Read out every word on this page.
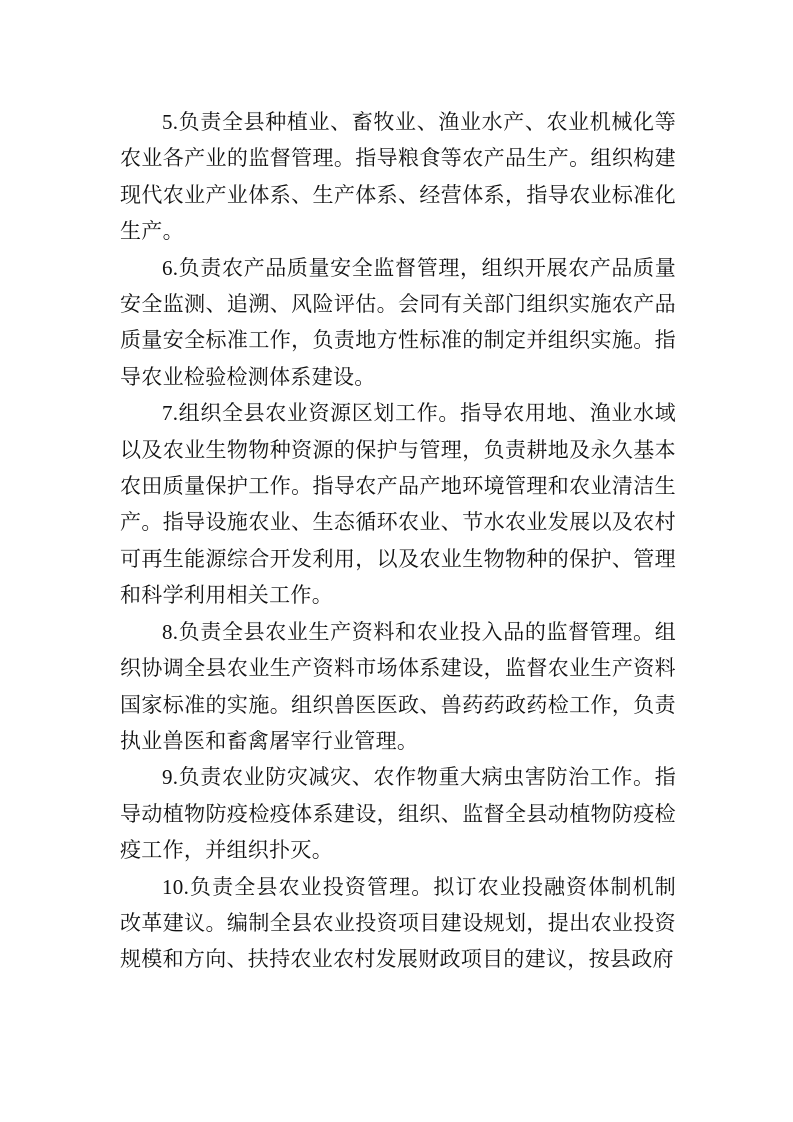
5.负责全县种植业、畜牧业、渔业水产、农业机械化等农业各产业的监督管理。指导粮食等农产品生产。组织构建现代农业产业体系、生产体系、经营体系，指导农业标准化生产。

6.负责农产品质量安全监督管理，组织开展农产品质量安全监测、追溯、风险评估。会同有关部门组织实施农产品质量安全标准工作，负责地方性标准的制定并组织实施。指导农业检验检测体系建设。

7.组织全县农业资源区划工作。指导农用地、渔业水域以及农业生物物种资源的保护与管理，负责耕地及永久基本农田质量保护工作。指导农产品产地环境管理和农业清洁生产。指导设施农业、生态循环农业、节水农业发展以及农村可再生能源综合开发利用，以及农业生物物种的保护、管理和科学利用相关工作。

8.负责全县农业生产资料和农业投入品的监督管理。组织协调全县农业生产资料市场体系建设，监督农业生产资料国家标准的实施。组织兽医医政、兽药药政药检工作，负责执业兽医和畜禽屠宰行业管理。

9.负责农业防灾减灾、农作物重大病虫害防治工作。指导动植物防疫检疫体系建设，组织、监督全县动植物防疫检疫工作，并组织扑灭。

10.负责全县农业投资管理。拟订农业投融资体制机制改革建议。编制全县农业投资项目建设规划，提出农业投资规模和方向、扶持农业农村发展财政项目的建议，按县政府
